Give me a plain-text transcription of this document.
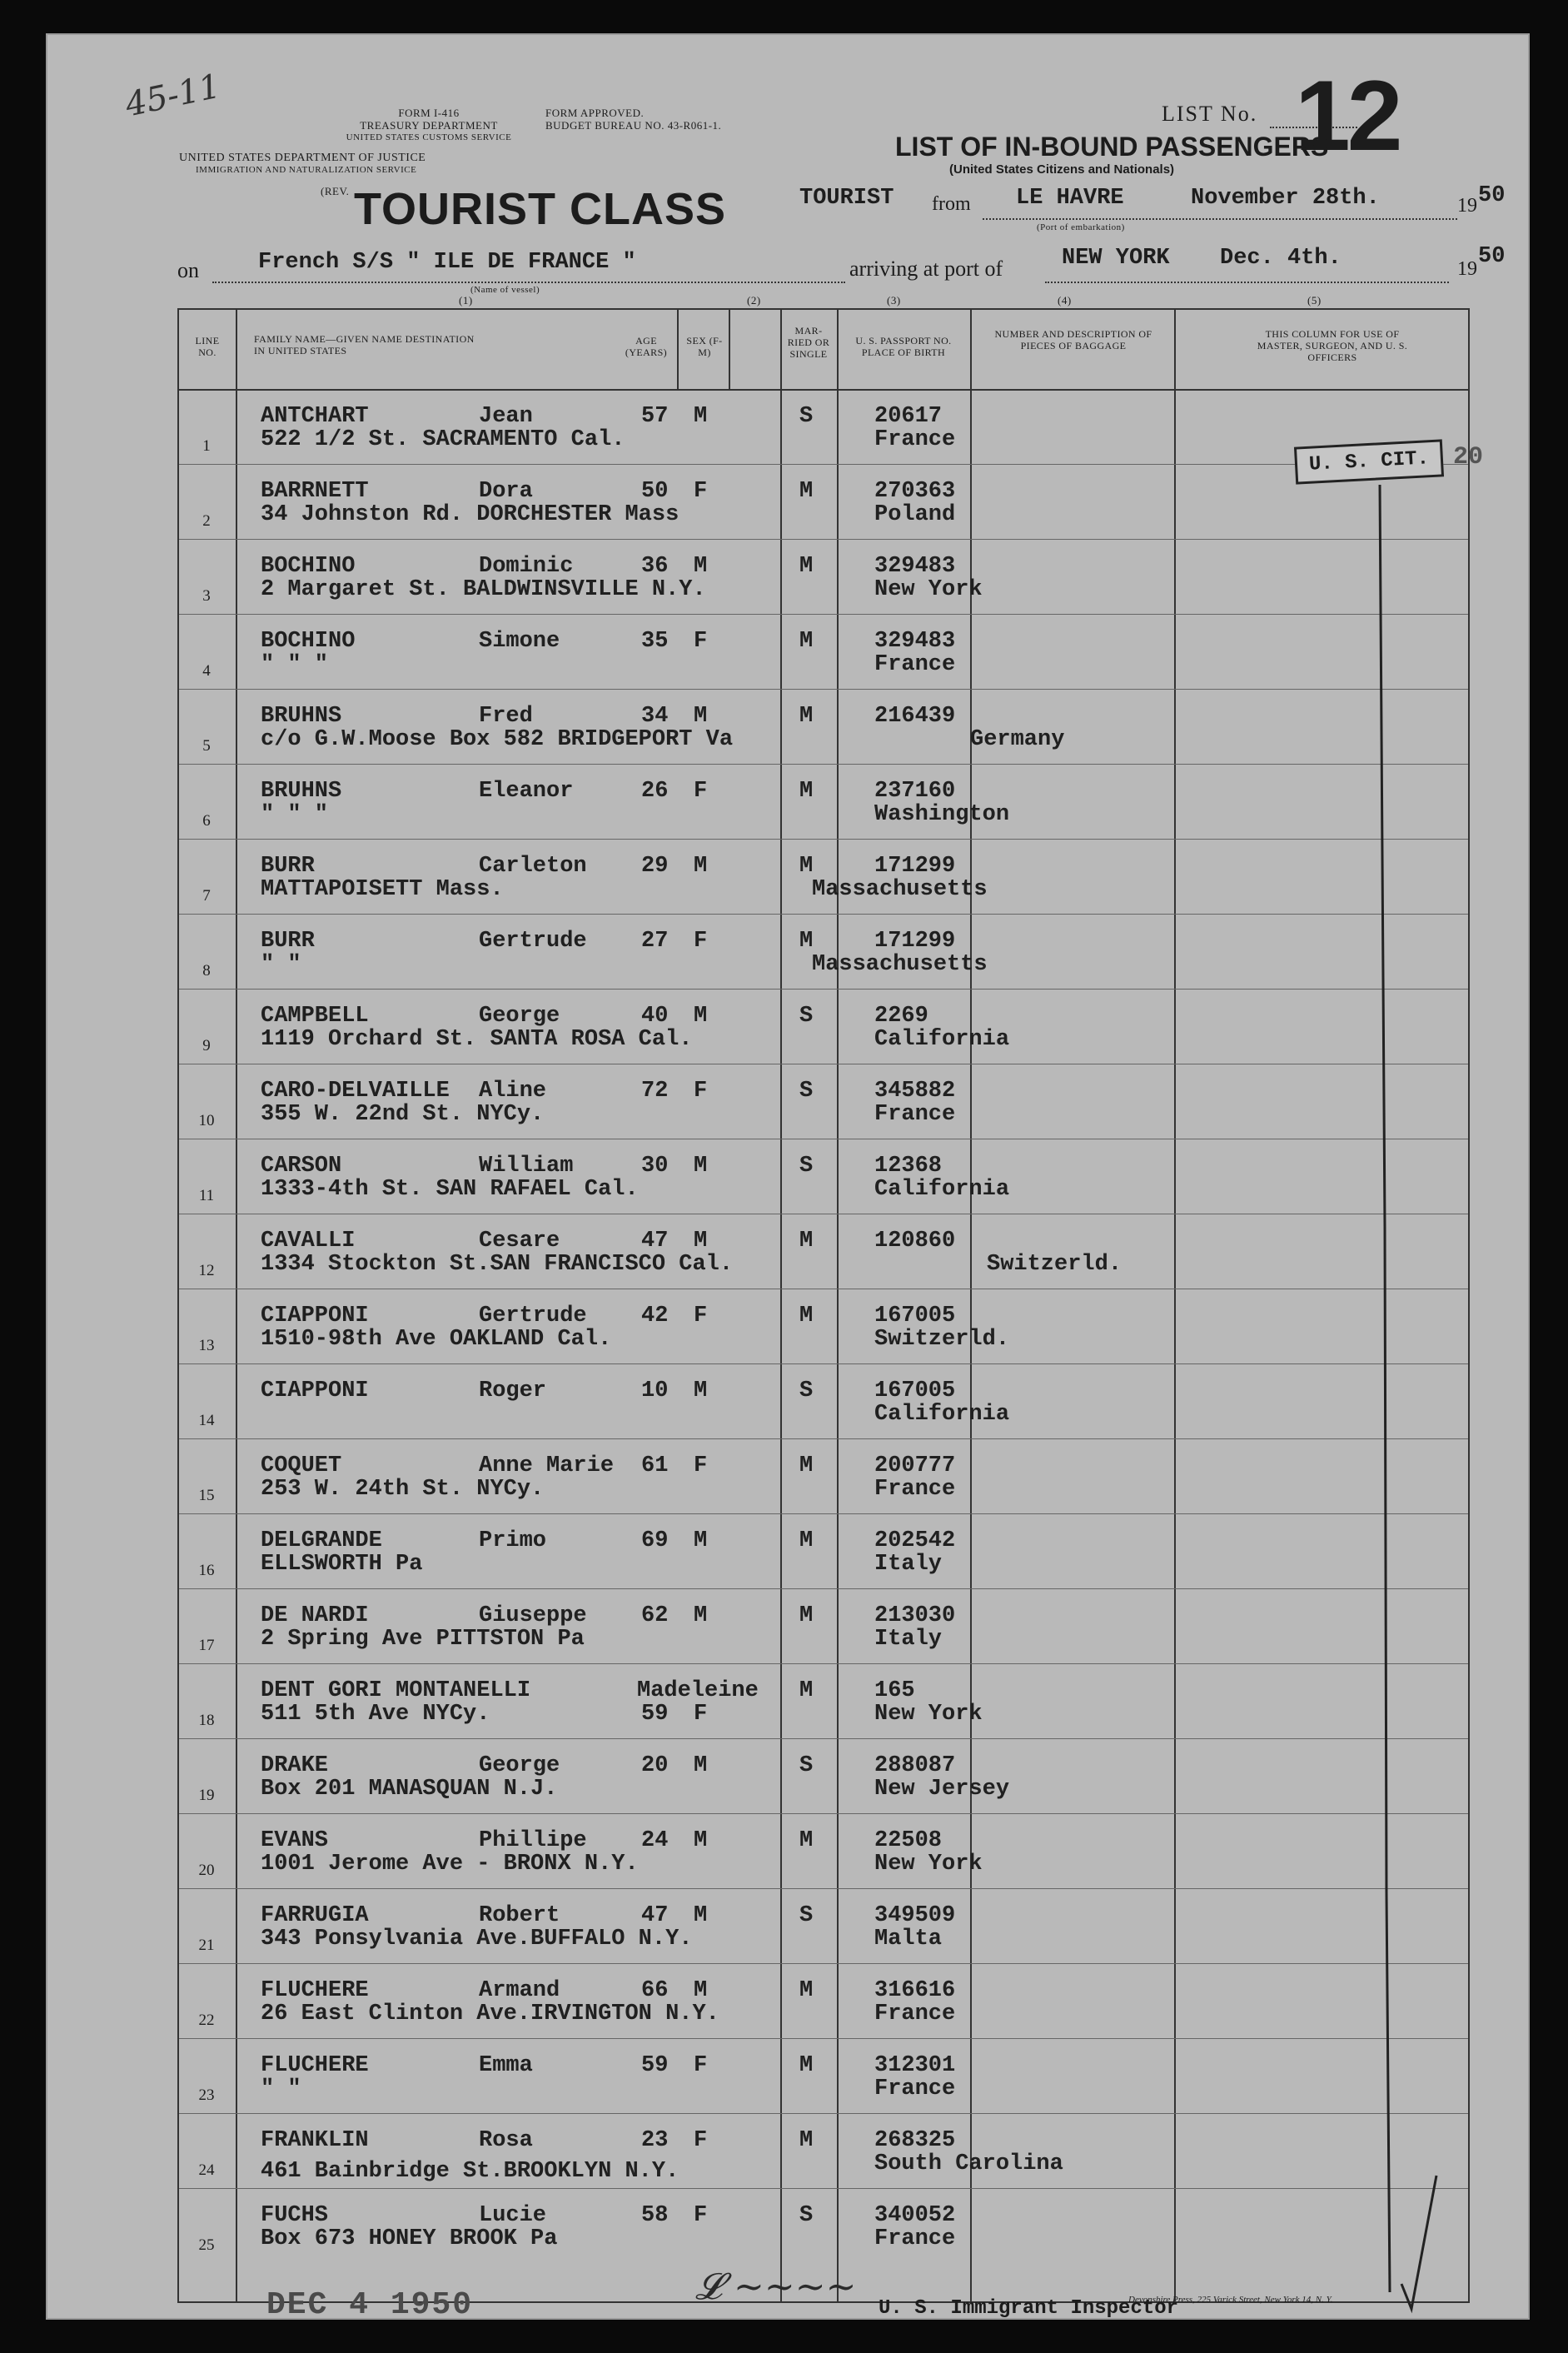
45-11	FORM I-416
TREASURY DEPARTMENT
UNITED STATES CUSTOMS SERVICE
FORM APPROVED.
BUDGET BUREAU NO. 43-R061-1.
UNITED STATES DEPARTMENT OF JUSTICE
IMMIGRATION AND NATURALIZATION SERVICE
(REV. TOURIST CLASS
LIST No. 12
LIST OF IN-BOUND PASSENGERS
(United States Citizens and Nationals)
TOURIST from LE HAVRE	November 28th.
(Port of embarkation)
19 50
on	French S/S " ILE DE FRANCE "
(Name of vessel)
arriving at port of	NEW YORK Dec. 4th.	19 50
(1)	(2)	(3)	(4)	(5)
LINE NO.
FAMILY NAME—GIVEN NAME DESTINATION IN UNITED STATES
AGE (YEARS)
SEX (F-M)
MAR-RIED OR SINGLE
U. S. PASSPORT NO. PLACE OF BIRTH
NUMBER AND DESCRIPTION OF PIECES OF BAGGAGE
THIS COLUMN FOR USE OF MASTER, SURGEON, AND U. S. OFFICERS
1
ANTCHART	Jean
522 1/2 St. SACRAMENTO Cal.
57 M	S	20617
France
2
BARRNETT	Dora
34 Johnston Rd. DORCHESTER Mass
50 F	M	270363
Poland
3
BOCHINO	Dominic
2 Margaret St. BALDWINSVILLE N.Y.
36 M	M	329483
New York
4
BOCHINO	Simone
" " "
35 F	M	329483
France
5
BRUHNS	Fred
c/o G.W.Moose Box 582 BRIDGEPORT Va
34 M	M	216439
Germany
6
BRUHNS	Eleanor
" " "
26 F	M	237160
Washington
7
BURR	Carleton
MATTAPOISETT Mass.
29 M	M	171299
Massachusetts
8
BURR	Gertrude
" "
27 F	M	171299
Massachusetts
9
CAMPBELL	George
1119 Orchard St. SANTA ROSA Cal.
40 M	S	2269
California
10
CARO-DELVAILLE Aline
355 W. 22nd St. NYCy.
72 F	S	345882
France
11
CARSON	William
1333-4th St. SAN RAFAEL Cal.
30 M	S	12368
California
12
CAVALLI	Cesare
1334 Stockton St.SAN FRANCISCO Cal.
47 M	M	120860
Switzerld.
13
CIAPPONI	Gertrude
1510-98th Ave OAKLAND Cal.
42 F	M	167005
Switzerld.
14
CIAPPONI	Roger	10 M	S	167005
California
15
COQUET	Anne Marie
253 W. 24th St. NYCy.
61 F	M	200777
France
16
DELGRANDE	Primo
ELLSWORTH Pa
69 M	M	202542
Italy
17
DE NARDI	Giuseppe
2 Spring Ave PITTSTON Pa
62 M	M	213030
Italy
18
DENT GORI MONTANELLI	Madeleine
511 5th Ave NYCy.	59 F
M	165
New York
19
DRAKE	George
Box 201 MANASQUAN N.J.
20 M	S	288087
New Jersey
20
EVANS	Phillipe
1001 Jerome Ave - BRONX N.Y.
24 M	M	22508
New York
21
FARRUGIA	Robert
343 Ponsylvania Ave.BUFFALO N.Y.
47 M	S	349509
Malta
22
FLUCHERE	Armand
26 East Clinton Ave.IRVINGTON N.Y.
66 M	M	316616
France
23
FLUCHERE	Emma
" "
59 F	M	312301
France
24
FRANKLIN	Rosa
461 Bainbridge St.BROOKLYN N.Y.
23 F	M	268325
South Carolina
25
FUCHS	Lucie
Box 673 HONEY BROOK Pa
58 F	S	340052
France
U. S. CIT. 20
DEC 4 1950	𝓛 ~~~~
U. S. Immigrant Inspector
Devonshire Press, 225 Varick Street, New York 14, N. Y.
